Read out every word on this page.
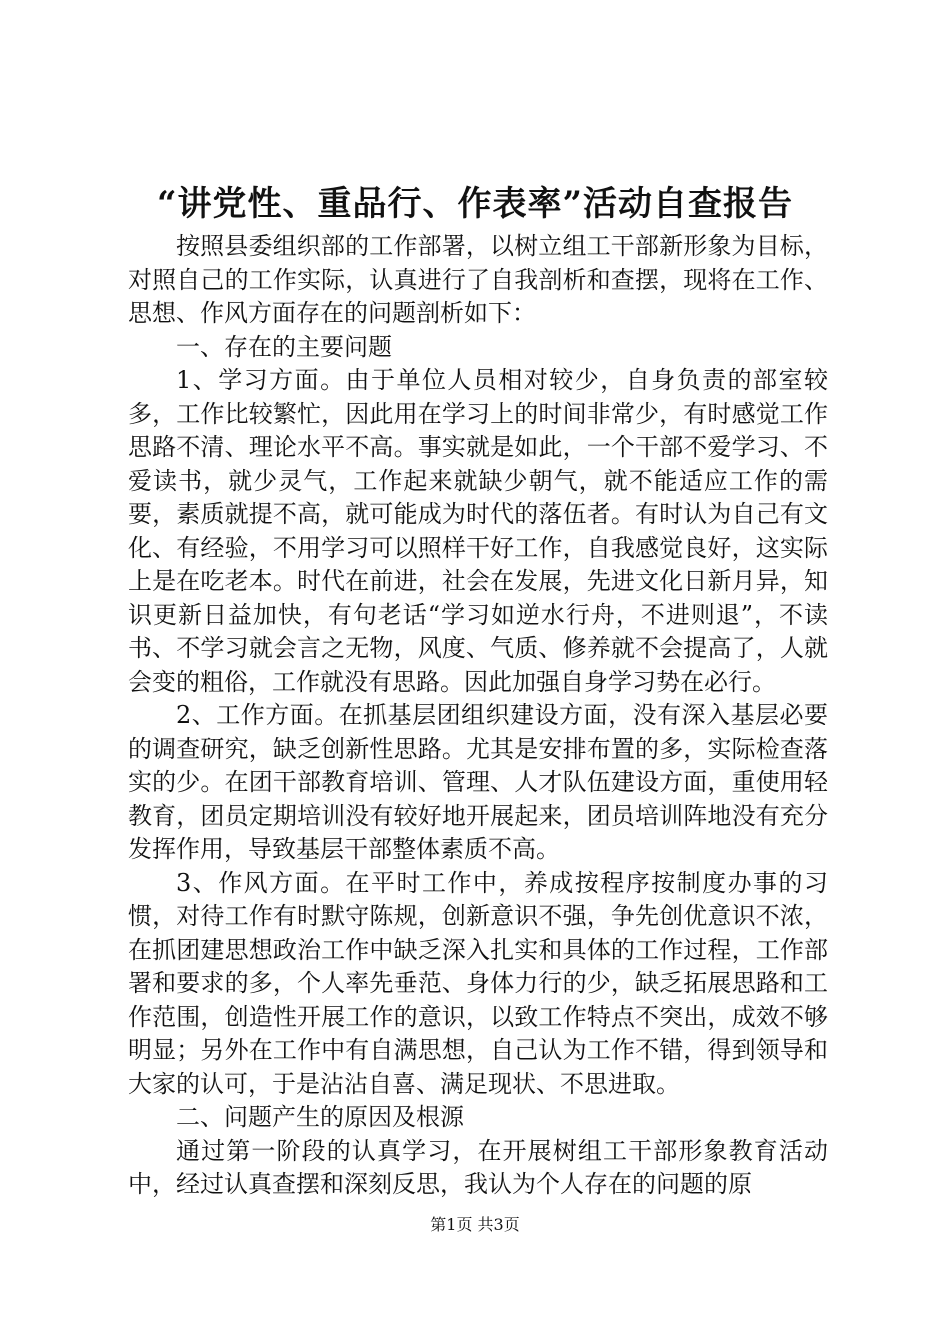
“讲党性、重品行、作表率”活动自查报告

按照县委组织部的工作部署，以树立组工干部新形象为目标，对照自己的工作实际，认真进行了自我剖析和查摆，现将在工作、思想、作风方面存在的问题剖析如下：

一、存在的主要问题

1、学习方面。由于单位人员相对较少，自身负责的部室较多，工作比较繁忙，因此用在学习上的时间非常少，有时感觉工作思路不清、理论水平不高。事实就是如此，一个干部不爱学习、不爱读书，就少灵气，工作起来就缺少朝气，就不能适应工作的需要，素质就提不高，就可能成为时代的落伍者。有时认为自己有文化、有经验，不用学习可以照样干好工作，自我感觉良好，这实际上是在吃老本。时代在前进，社会在发展，先进文化日新月异，知识更新日益加快，有句老话“学习如逆水行舟，不进则退”，不读书、不学习就会言之无物，风度、气质、修养就不会提高了，人就会变的粗俗，工作就没有思路。因此加强自身学习势在必行。

2、工作方面。在抓基层团组织建设方面，没有深入基层必要的调查研究，缺乏创新性思路。尤其是安排布置的多，实际检查落实的少。在团干部教育培训、管理、人才队伍建设方面，重使用轻教育，团员定期培训没有较好地开展起来，团员培训阵地没有充分发挥作用，导致基层干部整体素质不高。

3、作风方面。在平时工作中，养成按程序按制度办事的习惯，对待工作有时默守陈规，创新意识不强，争先创优意识不浓，在抓团建思想政治工作中缺乏深入扎实和具体的工作过程，工作部署和要求的多，个人率先垂范、身体力行的少，缺乏拓展思路和工作范围，创造性开展工作的意识，以致工作特点不突出，成效不够明显；另外在工作中有自满思想，自己认为工作不错，得到领导和大家的认可，于是沾沾自喜、满足现状、不思进取。

二、问题产生的原因及根源

通过第一阶段的认真学习，在开展树组工干部形象教育活动中，经过认真查摆和深刻反思，我认为个人存在的问题的原

第1页 共3页
